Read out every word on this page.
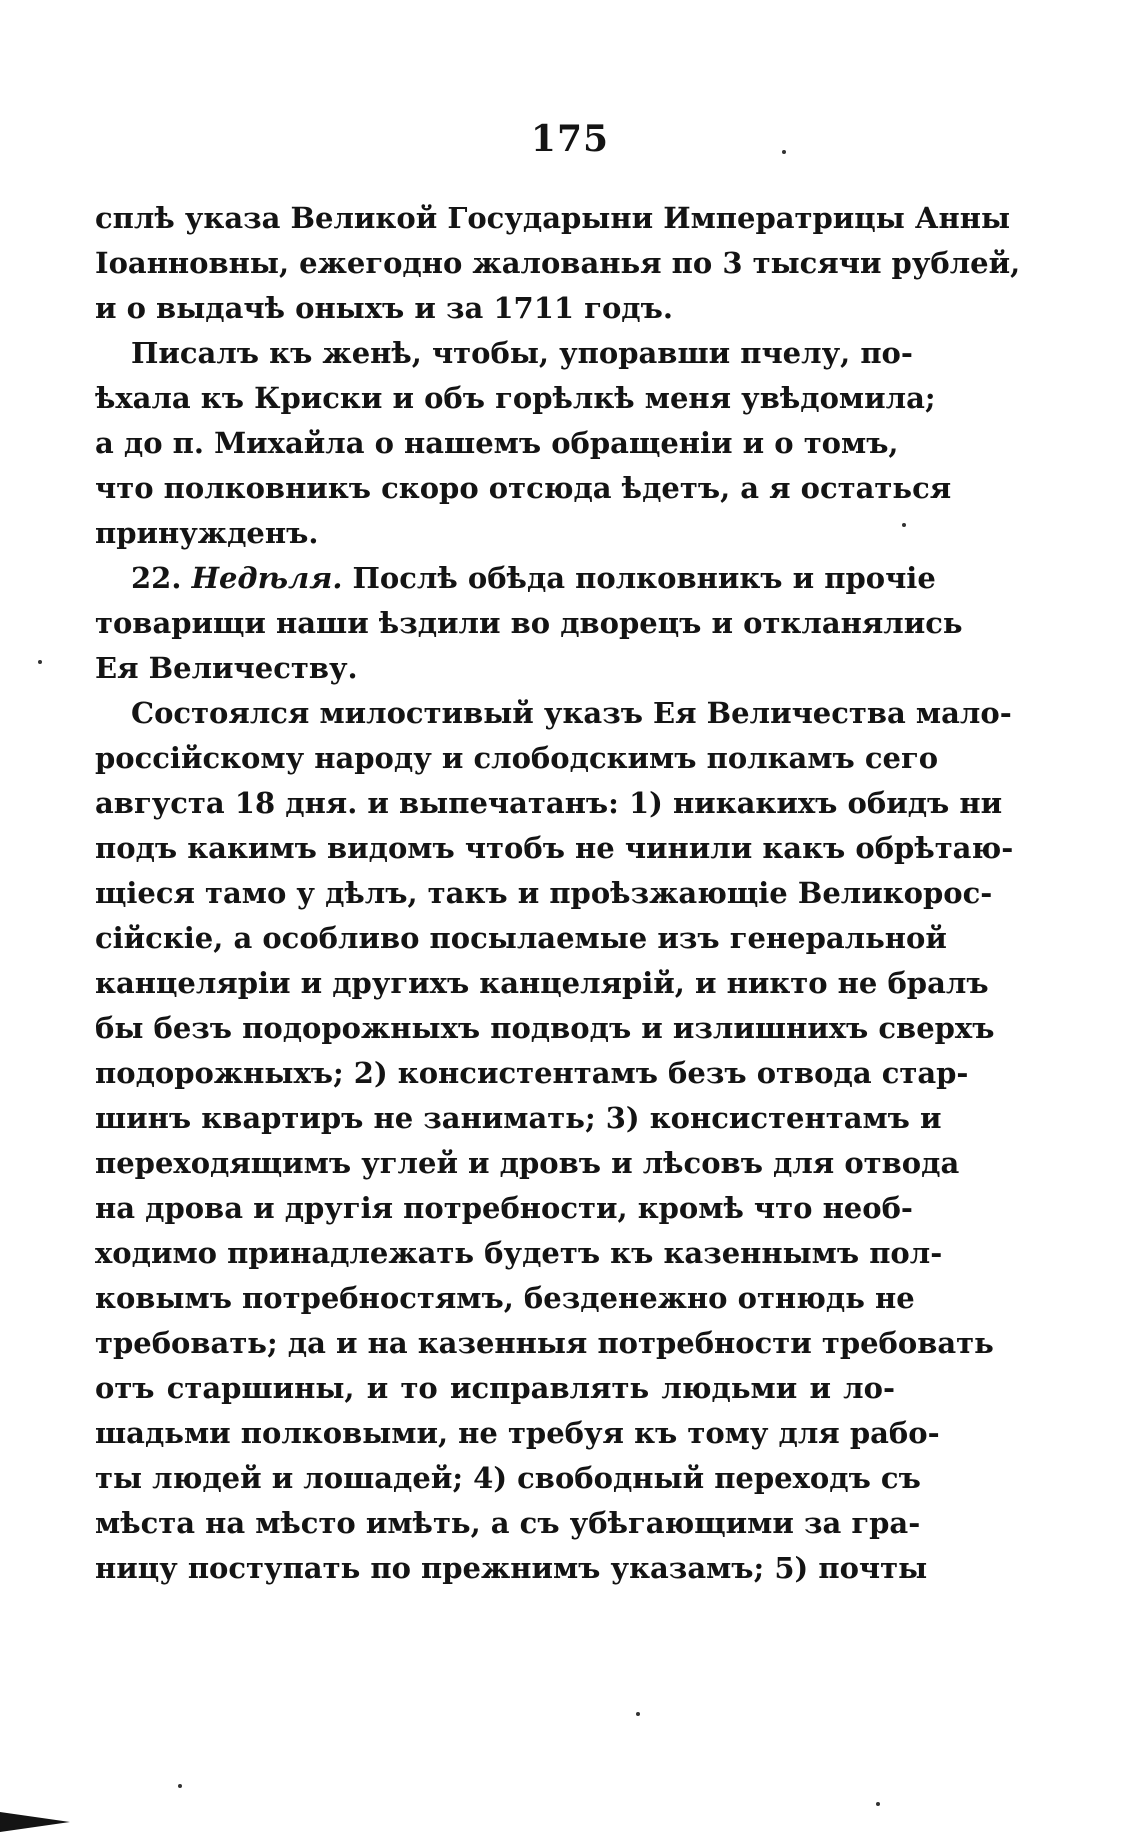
175
сплѣ указа Великой Государыни Императрицы Анны
Іоанновны, ежегодно жалованья по 3 тысячи рублей,
и о выдачѣ оныхъ и за 1711 годъ.
Писалъ къ женѣ, чтобы, упоравши пчелу, по-
ѣхала къ Криски и объ горѣлкѣ меня увѣдомила;
а до п. Михайла о нашемъ обращеніи и о томъ,
что полковникъ скоро отсюда ѣдетъ, а я остаться
принужденъ.
22. Недѣля. Послѣ обѣда полковникъ и прочіе
товарищи наши ѣздили во дворецъ и откланялись
Ея Величеству.
Состоялся милостивый указъ Ея Величества мало-
россійскому народу и слободскимъ полкамъ сего
августа 18 дня. и выпечатанъ: 1) никакихъ обидъ ни
подъ какимъ видомъ чтобъ не чинили какъ обрѣтаю-
щіеся тамо у дѣлъ, такъ и проѣзжающіе Великорос-
сійскіе, а особливо посылаемые изъ генеральной
канцеляріи и другихъ канцелярій, и никто не бралъ
бы безъ подорожныхъ подводъ и излишнихъ сверхъ
подорожныхъ; 2) консистентамъ безъ отвода стар-
шинъ квартиръ не занимать; 3) консистентамъ и
переходящимъ углей и дровъ и лѣсовъ для отвода
на дрова и другія потребности, кромѣ что необ-
ходимо принадлежать будетъ къ казеннымъ пол-
ковымъ потребностямъ, безденежно отнюдь не
требовать; да и на казенныя потребности требовать
отъ старшины, и то исправлять людьми и ло-
шадьми полковыми, не требуя къ тому для рабо-
ты людей и лошадей; 4) свободный переходъ съ
мѣста на мѣсто имѣть, а съ убѣгающими за гра-
ницу поступать по прежнимъ указамъ; 5) почты
